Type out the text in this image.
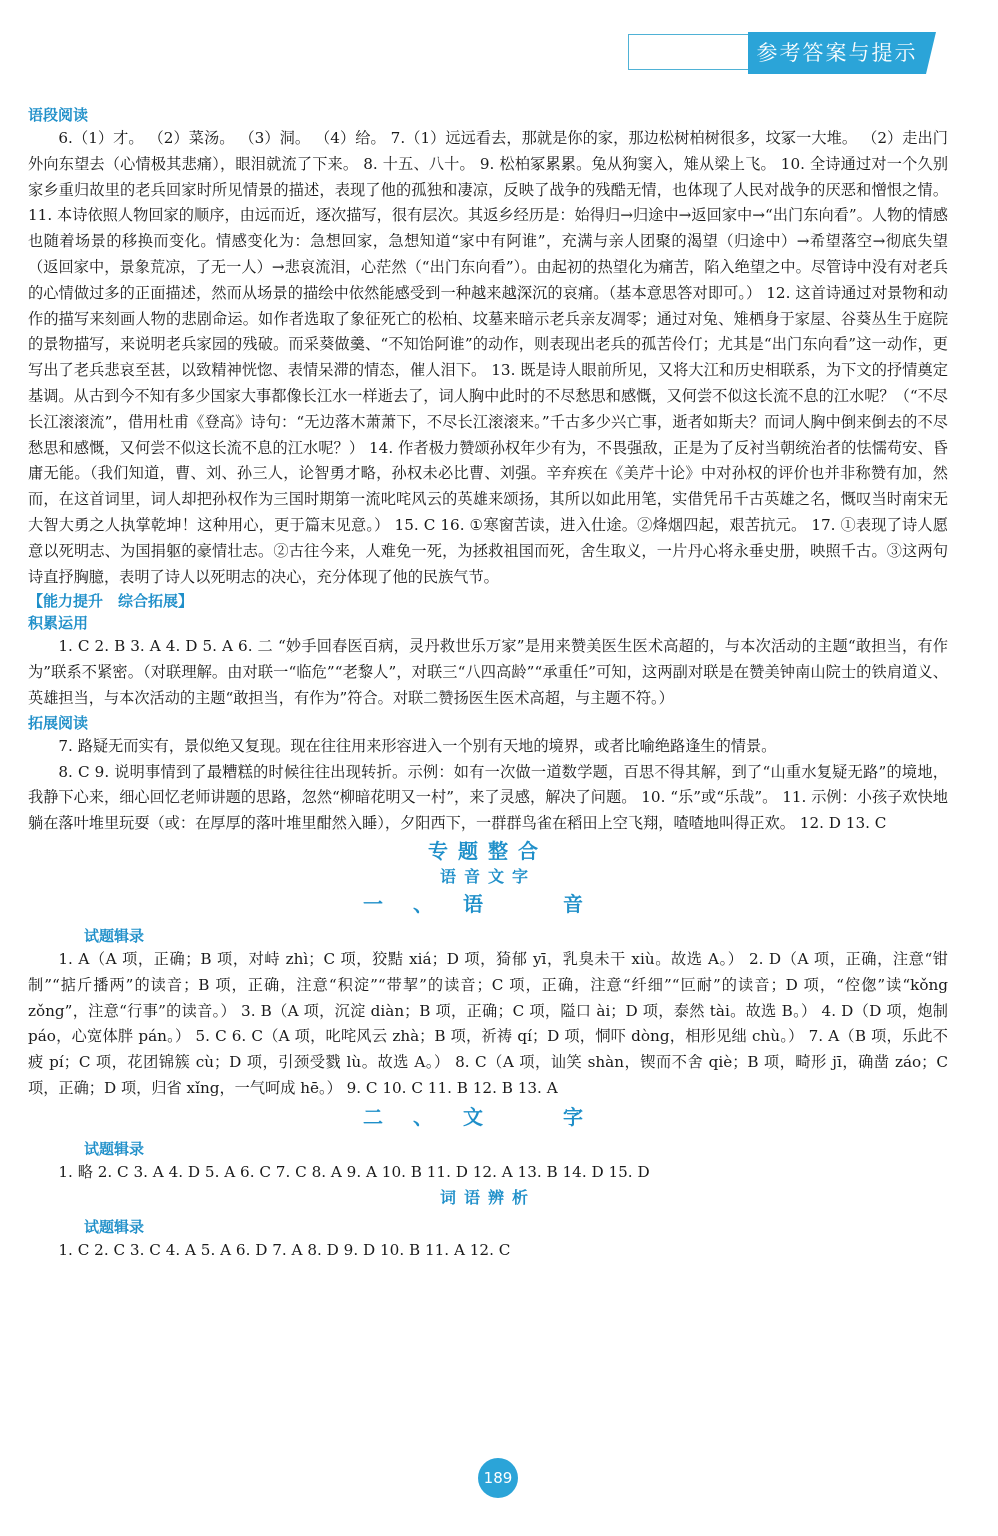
参考答案与提示
语段阅读

6.（1）才。 （2）菜汤。 （3）洞。 （4）给。 7.（1）远远看去，那就是你的家，那边松树柏树很多，坟冢一大堆。 （2）走出门外向东望去（心情极其悲痛），眼泪就流了下来。 8. 十五、八十。 9. 松柏冢累累。兔从狗窦入，雉从梁上飞。 10. 全诗通过对一个久别家乡重归故里的老兵回家时所见情景的描述，表现了他的孤独和凄凉，反映了战争的残酷无情，也体现了人民对战争的厌恶和憎恨之情。 11. 本诗依照人物回家的顺序，由远而近，逐次描写，很有层次。其返乡经历是：始得归→归途中→返回家中→“出门东向看”。人物的情感也随着场景的移换而变化。情感变化为：急想回家，急想知道“家中有阿谁”，充满与亲人团聚的渴望（归途中）→希望落空→彻底失望（返回家中，景象荒凉，了无一人）→悲哀流泪，心茫然（“出门东向看”）。由起初的热望化为痛苦，陷入绝望之中。尽管诗中没有对老兵的心情做过多的正面描述，然而从场景的描绘中依然能感受到一种越来越深沉的哀痛。（基本意思答对即可。） 12. 这首诗通过对景物和动作的描写来刻画人物的悲剧命运。如作者选取了象征死亡的松柏、坟墓来暗示老兵亲友凋零；通过对兔、雉栖身于家屋、谷葵丛生于庭院的景物描写，来说明老兵家园的残破。而采葵做羹、“不知饴阿谁”的动作，则表现出老兵的孤苦伶仃；尤其是“出门东向看”这一动作，更写出了老兵悲哀至甚，以致精神恍惚、表情呆滞的情态，催人泪下。 13. 既是诗人眼前所见，又将大江和历史相联系，为下文的抒情奠定基调。从古到今不知有多少国家大事都像长江水一样逝去了，词人胸中此时的不尽愁思和感慨，又何尝不似这长流不息的江水呢？（“不尽长江滚滚流”，借用杜甫《登高》诗句：“无边落木萧萧下，不尽长江滚滚来。”千古多少兴亡事，逝者如斯夫？而词人胸中倒来倒去的不尽愁思和感慨，又何尝不似这长流不息的江水呢？） 14. 作者极力赞颂孙权年少有为，不畏强敌，正是为了反衬当朝统治者的怯懦苟安、昏庸无能。（我们知道，曹、刘、孙三人，论智勇才略，孙权未必比曹、刘强。辛弃疾在《美芹十论》中对孙权的评价也并非称赞有加，然而，在这首词里，词人却把孙权作为三国时期第一流叱咤风云的英雄来颂扬，其所以如此用笔，实借凭吊千古英雄之名，慨叹当时南宋无大智大勇之人执掌乾坤！这种用心，更于篇末见意。） 15. C 16. ①寒窗苦读，进入仕途。②烽烟四起，艰苦抗元。 17. ①表现了诗人愿意以死明志、为国捐躯的豪情壮志。②古往今来，人难免一死，为拯救祖国而死，舍生取义，一片丹心将永垂史册，映照千古。③这两句诗直抒胸臆，表明了诗人以死明志的决心，充分体现了他的民族气节。

【能力提升　综合拓展】
积累运用

1. C 2. B 3. A 4. D 5. A 6. 二 “妙手回春医百病，灵丹救世乐万家”是用来赞美医生医术高超的，与本次活动的主题“敢担当，有作为”联系不紧密。（对联理解。由对联一“临危”“老黎人”，对联三“八四高龄”“承重任”可知，这两副对联是在赞美钟南山院士的铁肩道义、英雄担当，与本次活动的主题“敢担当，有作为”符合。对联二赞扬医生医术高超，与主题不符。）

拓展阅读

7. 路疑无而实有，景似绝又复现。现在往往用来形容进入一个别有天地的境界，或者比喻绝路逢生的情景。

8. C 9. 说明事情到了最糟糕的时候往往出现转折。示例：如有一次做一道数学题，百思不得其解，到了“山重水复疑无路”的境地，我静下心来，细心回忆老师讲题的思路，忽然“柳暗花明又一村”，来了灵感，解决了问题。 10. “乐”或“乐哉”。 11. 示例：小孩子欢快地躺在落叶堆里玩耍（或：在厚厚的落叶堆里酣然入睡），夕阳西下，一群群鸟雀在稻田上空飞翔，喳喳地叫得正欢。 12. D 13. C

专题整合
语音文字
一、语　音
试题辑录

1. A（A 项，正确；B 项，对峙 zhì；C 项，狡黠 xiá；D 项，猗郁 yī，乳臭未干 xiù。故选 A。） 2. D（A 项，正确，注意“钳制”“掂斤播两”的读音；B 项，正确，注意“积淀”“带挈”的读音；C 项，正确，注意“纤细”“叵耐”的读音；D 项，“倥偬”读“kǒng zǒng”，注意“行事”的读音。） 3. B（A 项，沉淀 diàn；B 项，正确；C 项，隘口 ài；D 项，泰然 tài。故选 B。） 4. D（D 项，炮制 páo，心宽体胖 pán。） 5. C 6. C（A 项，叱咤风云 zhà；B 项，祈祷 qí；D 项，恫吓 dòng，相形见绌 chù。） 7. A（B 项，乐此不疲 pí；C 项，花团锦簇 cù；D 项，引颈受戮 lù。故选 A。） 8. C（A 项，讪笑 shàn，锲而不舍 qiè；B 项，畸形 jī，确凿 záo；C 项，正确；D 项，归省 xǐng，一气呵成 hē。） 9. C 10. C 11. B 12. B 13. A

二、文　字
试题辑录

1. 略 2. C 3. A 4. D 5. A 6. C 7. C 8. A 9. A 10. B 11. D 12. A 13. B 14. D 15. D

词语辨析
试题辑录

1. C 2. C 3. C 4. A 5. A 6. D 7. A 8. D 9. D 10. B 11. A 12. C

189
